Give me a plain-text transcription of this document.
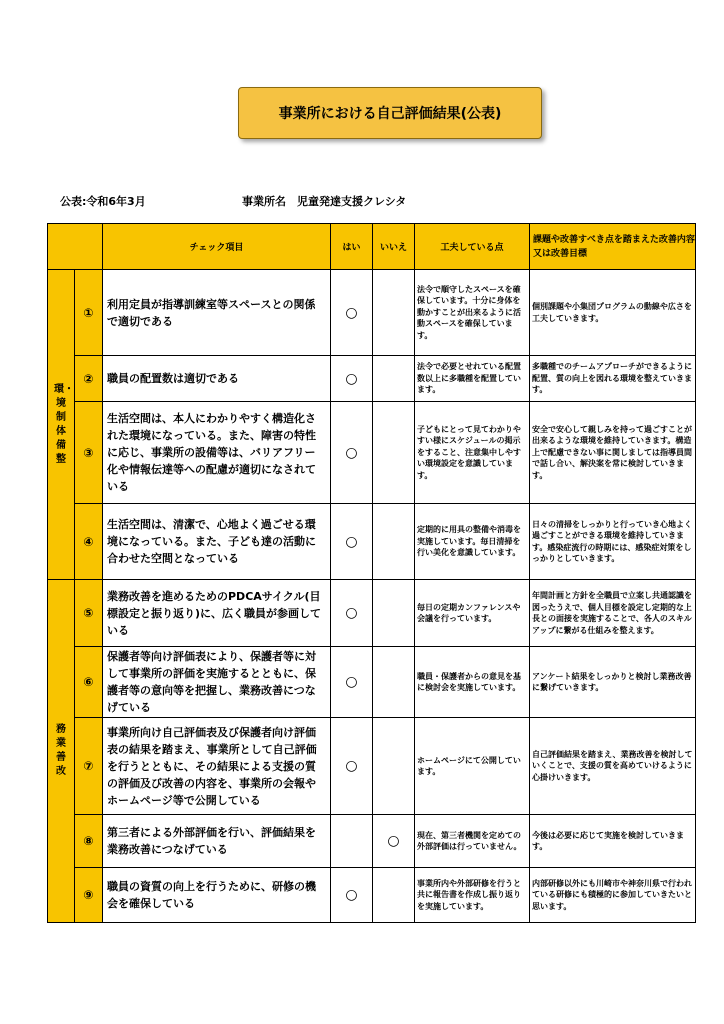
事業所における自己評価結果(公表)
公表:令和6年3月	事業所名　児童発達支援クレシタ
		チェック項目	はい	いいえ	工夫している点	課題や改善すべき点を踏まえた改善内容又は改善目標
環・境制体備整	①	利用定員が指導訓練室等スペースとの関係で適切である	○		法令で順守したスペースを確保しています。十分に身体を動かすことが出来るように活動スペースを確保しています。	個別課題や小集団プログラムの動線や広さを工夫していきます。
	②	職員の配置数は適切である	○		法令で必要とせれている配置数以上に多職種を配置しています。	多職種でのチームアプローチができるように配置、質の向上を図れる環境を整えていきます。
	③	生活空間は、本人にわかりやすく構造化された環境になっている。また、障害の特性に応じ、事業所の設備等は、バリアフリー化や情報伝達等への配慮が適切になされている	○		子どもにとって見てわかりやすい様にスケジュールの掲示をすること、注意集中しやすい環境設定を意識しています。	安全で安心して親しみを持って過ごすことが出来るような環境を維持していきます。構造上で配慮できない事に関しましては指導員間で話し合い、解決案を常に検討していきます。
	④	生活空間は、清潔で、心地よく過ごせる環境になっている。また、子ども達の活動に合わせた空間となっている	○		定期的に用具の整備や消毒を実施しています。毎日清掃を行い美化を意識しています。	日々の清掃をしっかりと行っていき心地よく過ごすことができる環境を維持していきます。感染症流行の時期には、感染症対策をしっかりとしていきます。
務業善改	⑤	業務改善を進めるためのPDCAサイクル(目標設定と振り返り)に、広く職員が参画している	○		毎日の定期カンファレンスや会議を行っています。	年間計画と方針を全職員で立案し共通認識を図ったうえで、個人目標を設定し定期的な上長との面接を実施することで、各人のスキルアップに繋がる仕組みを整えます。
	⑥	保護者等向け評価表により、保護者等に対して事業所の評価を実施するとともに、保護者等の意向等を把握し、業務改善につなげている	○		職員・保護者からの意見を基に検討会を実施しています。	アンケート結果をしっかりと検討し業務改善に繋げていきます。
	⑦	事業所向け自己評価表及び保護者向け評価表の結果を踏まえ、事業所として自己評価を行うとともに、その結果による支援の質の評価及び改善の内容を、事業所の会報やホームページ等で公開している	○		ホームページにて公開しています。	自己評価結果を踏まえ、業務改善を検討していくことで、支援の質を高めていけるように心掛けいきます。
	⑧	第三者による外部評価を行い、評価結果を業務改善につなげている		○	現在、第三者機関を定めての外部評価は行っていません。	今後は必要に応じて実施を検討していきます。
	⑨	職員の資質の向上を行うために、研修の機会を確保している	○		事業所内や外部研修を行うと共に報告書を作成し振り返りを実施しています。	内部研修以外にも川崎市や神奈川県で行われている研修にも積極的に参加していきたいと思います。
